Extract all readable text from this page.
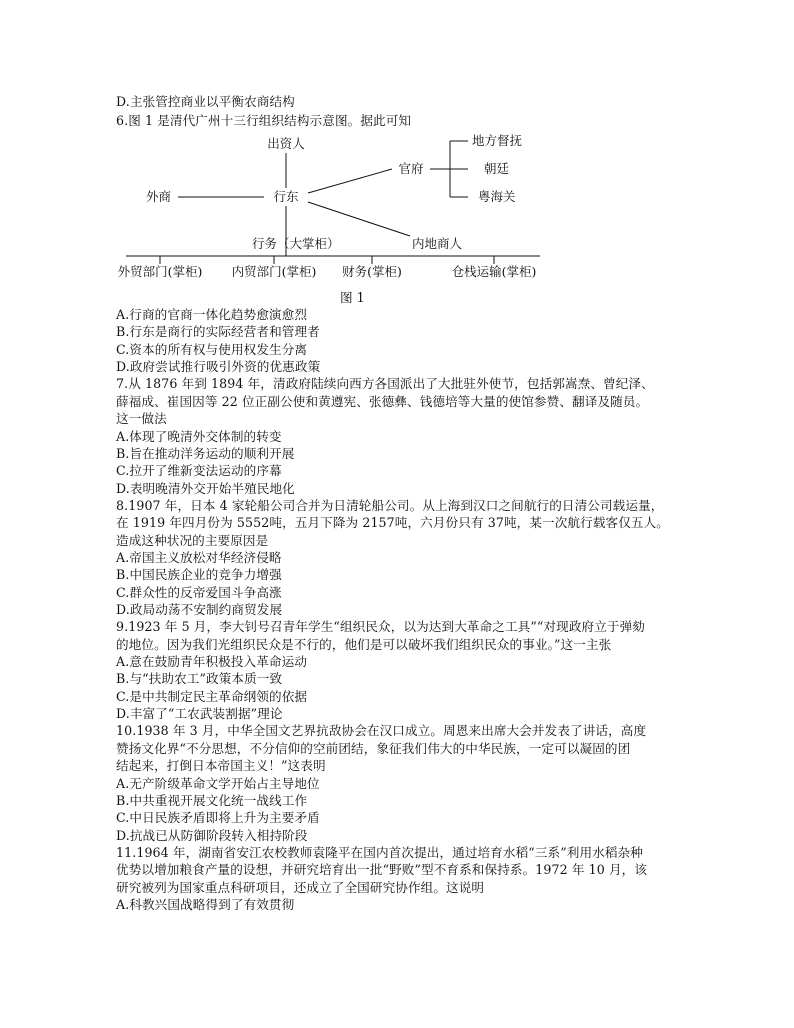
D.主张管控商业以平衡农商结构
6.图 1 是清代广州十三行组织结构示意图。据此可知
出资人
外商	行东
官府
地方督抚
朝廷
粤海关
行务（大掌柜）	内地商人
外贸部门(掌柜) 内贸部门(掌柜) 财务(掌柜)	仓栈运输(掌柜)
图 1
A.行商的官商一体化趋势愈演愈烈
B.行东是商行的实际经营者和管理者
C.资本的所有权与使用权发生分离
D.政府尝试推行吸引外资的优惠政策
7.从 1876 年到 1894 年，清政府陆续向西方各国派出了大批驻外使节，包括郭嵩焘、曾纪泽、
薛福成、崔国因等 22 位正副公使和黄遵宪、张德彝、钱德培等大量的使馆参赞、翻译及随员。
这一做法
A.体现了晚清外交体制的转变
B.旨在推动洋务运动的顺利开展
C.拉开了维新变法运动的序幕
D.表明晚清外交开始半殖民地化
8.1907 年，日本 4 家轮船公司合并为日清轮船公司。从上海到汉口之间航行的日清公司载运量，
在 1919 年四月份为 5552吨，五月下降为 2157吨，六月份只有 37吨，某一次航行载客仅五人。
造成这种状况的主要原因是
A.帝国主义放松对华经济侵略
B.中国民族企业的竞争力增强
C.群众性的反帝爱国斗争高涨
D.政局动荡不安制约商贸发展
9.1923 年 5 月，李大钊号召青年学生“组织民众，以为达到大革命之工具”“对现政府立于弹劾
的地位。因为我们光组织民众是不行的，他们是可以破坏我们组织民众的事业。”这一主张
A.意在鼓励青年积极投入革命运动
B.与“扶助农工”政策本质一致
C.是中共制定民主革命纲领的依据
D.丰富了“工农武装割据”理论
10.1938 年 3 月，中华全国文艺界抗敌协会在汉口成立。周恩来出席大会并发表了讲话，高度
赞扬文化界“不分思想，不分信仰的空前团结，象征我们伟大的中华民族，一定可以凝固的团
结起来，打倒日本帝国主义！”这表明
A.无产阶级革命文学开始占主导地位
B.中共重视开展文化统一战线工作
C.中日民族矛盾即将上升为主要矛盾
D.抗战已从防御阶段转入相持阶段
11.1964 年，湖南省安江农校教师袁隆平在国内首次提出，通过培育水稻“三系”利用水稻杂种
优势以增加粮食产量的设想，并研究培育出一批“野败”型不育系和保持系。1972 年 10 月，该
研究被列为国家重点科研项目，还成立了全国研究协作组。这说明
A.科教兴国战略得到了有效贯彻
